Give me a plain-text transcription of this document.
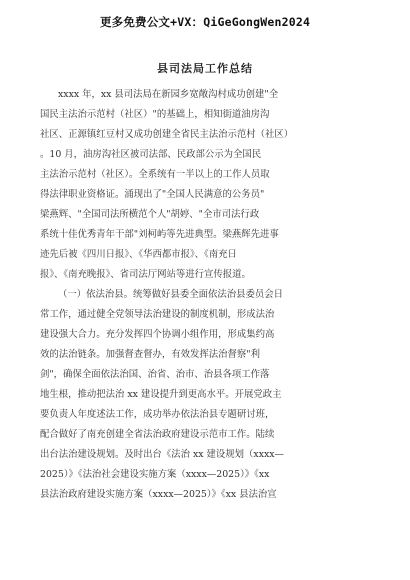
更多免费公文+VX：QiGeGongWen2024
县司法局工作总结
xxxx 年，xx 县司法局在新园乡宽敞沟村成功创建"全
国民主法治示范村（社区）"的基础上，相知街道油房沟
社区、正源镇红豆村又成功创建全省民主法治示范村（社区）
。10 月，油房沟社区被司法部、民政部公示为全国民
主法治示范村（社区）。全系统有一半以上的工作人员取
得法律职业资格证。涌现出了"全国人民满意的公务员"
梁燕辉、"全国司法所横范个人"胡婷、"全市司法行政
系统十佳优秀青年干部"刘柯屿等先进典型。梁燕辉先进事
迹先后被《四川日报》、《华西都市报》、《南充日
报》、《南充晚报》、省司法厅网站等进行宣传报道。
（一）依法治县。统筹做好县委全面依法治县委员会日
常工作，通过健全党领导法治建设的制度机制，形成法治
建设强大合力。充分发挥四个协调小组作用，形成集约高
效的法治链条。加强督查督办，有效发挥法治督察"利
剑"，确保全面依法治国、治省、治市、治县各项工作落
地生根，推动把法治 xx 建设提升到更高水平。开展党政主
要负责人年度述法工作，成功举办依法治县专题研讨班，
配合做好了南充创建全省法治政府建设示范市工作。陆续
出台法治建设规划。及时出台《法治 xx 建设规划（xxxx—
2025）》《法治社会建设实施方案（xxxx—2025）》《xx
县法治政府建设实施方案（xxxx—2025）》《xx 县法治宣
